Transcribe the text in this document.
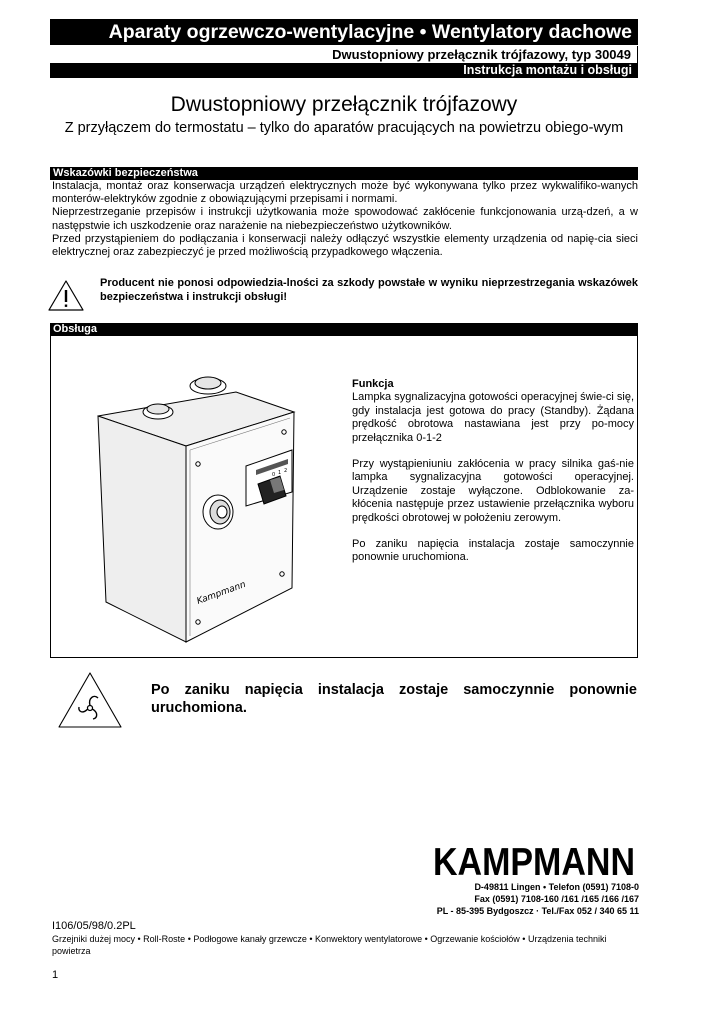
Aparaty ogrzewczo-wentylacyjne • Wentylatory dachowe
Dwustopniowy przełącznik trójfazowy, typ 30049
Instrukcja montażu i obsługi
Dwustopniowy przełącznik trójfazowy
Z przyłączem do termostatu – tylko do aparatów pracujących na powietrzu obiego-wym
Wskazówki bezpieczeństwa

Instalacja, montaż oraz konserwacja urządzeń elektrycznych może być wykonywana tylko przez wykwalifiko-wanych monterów-elektryków zgodnie z obowiązującymi przepisami i normami.

Nieprzestrzeganie przepisów i instrukcji użytkowania może spowodować zakłócenie funkcjonowania urzą-dzeń, a w następstwie ich uszkodzenie oraz narażenie na niebezpieczeństwo użytkowników.

Przed przystąpieniem do podłączania i konserwacji należy odłączyć wszystkie elementy urządzenia od napię-cia sieci elektrycznej oraz zabezpieczyć je przed możliwością przypadkowego włączenia.

Producent nie ponosi odpowiedzia-lności za szkody powstałe w wyniku nieprzestrzegania wskazówek bezpieczeństwa i instrukcji obsługi!
Obsługa
0 1 2
Kampmann
Funkcja

Lampka sygnalizacyjna gotowości operacyjnej świe-ci się, gdy instalacja jest gotowa do pracy (Standby). Żądana prędkość obrotowa nastawiana jest przy po-mocy przełącznika 0-1-2

Przy wystąpieniuniu zakłócenia w pracy silnika gaś-nie lampka sygnalizacyjna gotowości operacyjnej. Urządzenie zostaje wyłączone. Odblokowanie za-kłócenia następuje przez ustawienie przełącznika wyboru prędkości obrotowej w położeniu zerowym.

Po zaniku napięcia instalacja zostaje samoczynnie ponownie uruchomiona.

Po zaniku napięcia instalacja zostaje samoczynnie ponownie uruchomiona.
KAMPMANN
D-49811 Lingen • Telefon (0591) 7108-0
Fax (0591) 7108-160 /161 /165 /166 /167
PL - 85-395 Bydgoszcz · Tel./Fax 052 / 340 65 11
I106/05/98/0.2PL
Grzejniki dużej mocy • Roll-Roste • Podłogowe kanały grzewcze • Konwektory wentylatorowe • Ogrzewanie kościołów • Urządzenia techniki powietrza
1
